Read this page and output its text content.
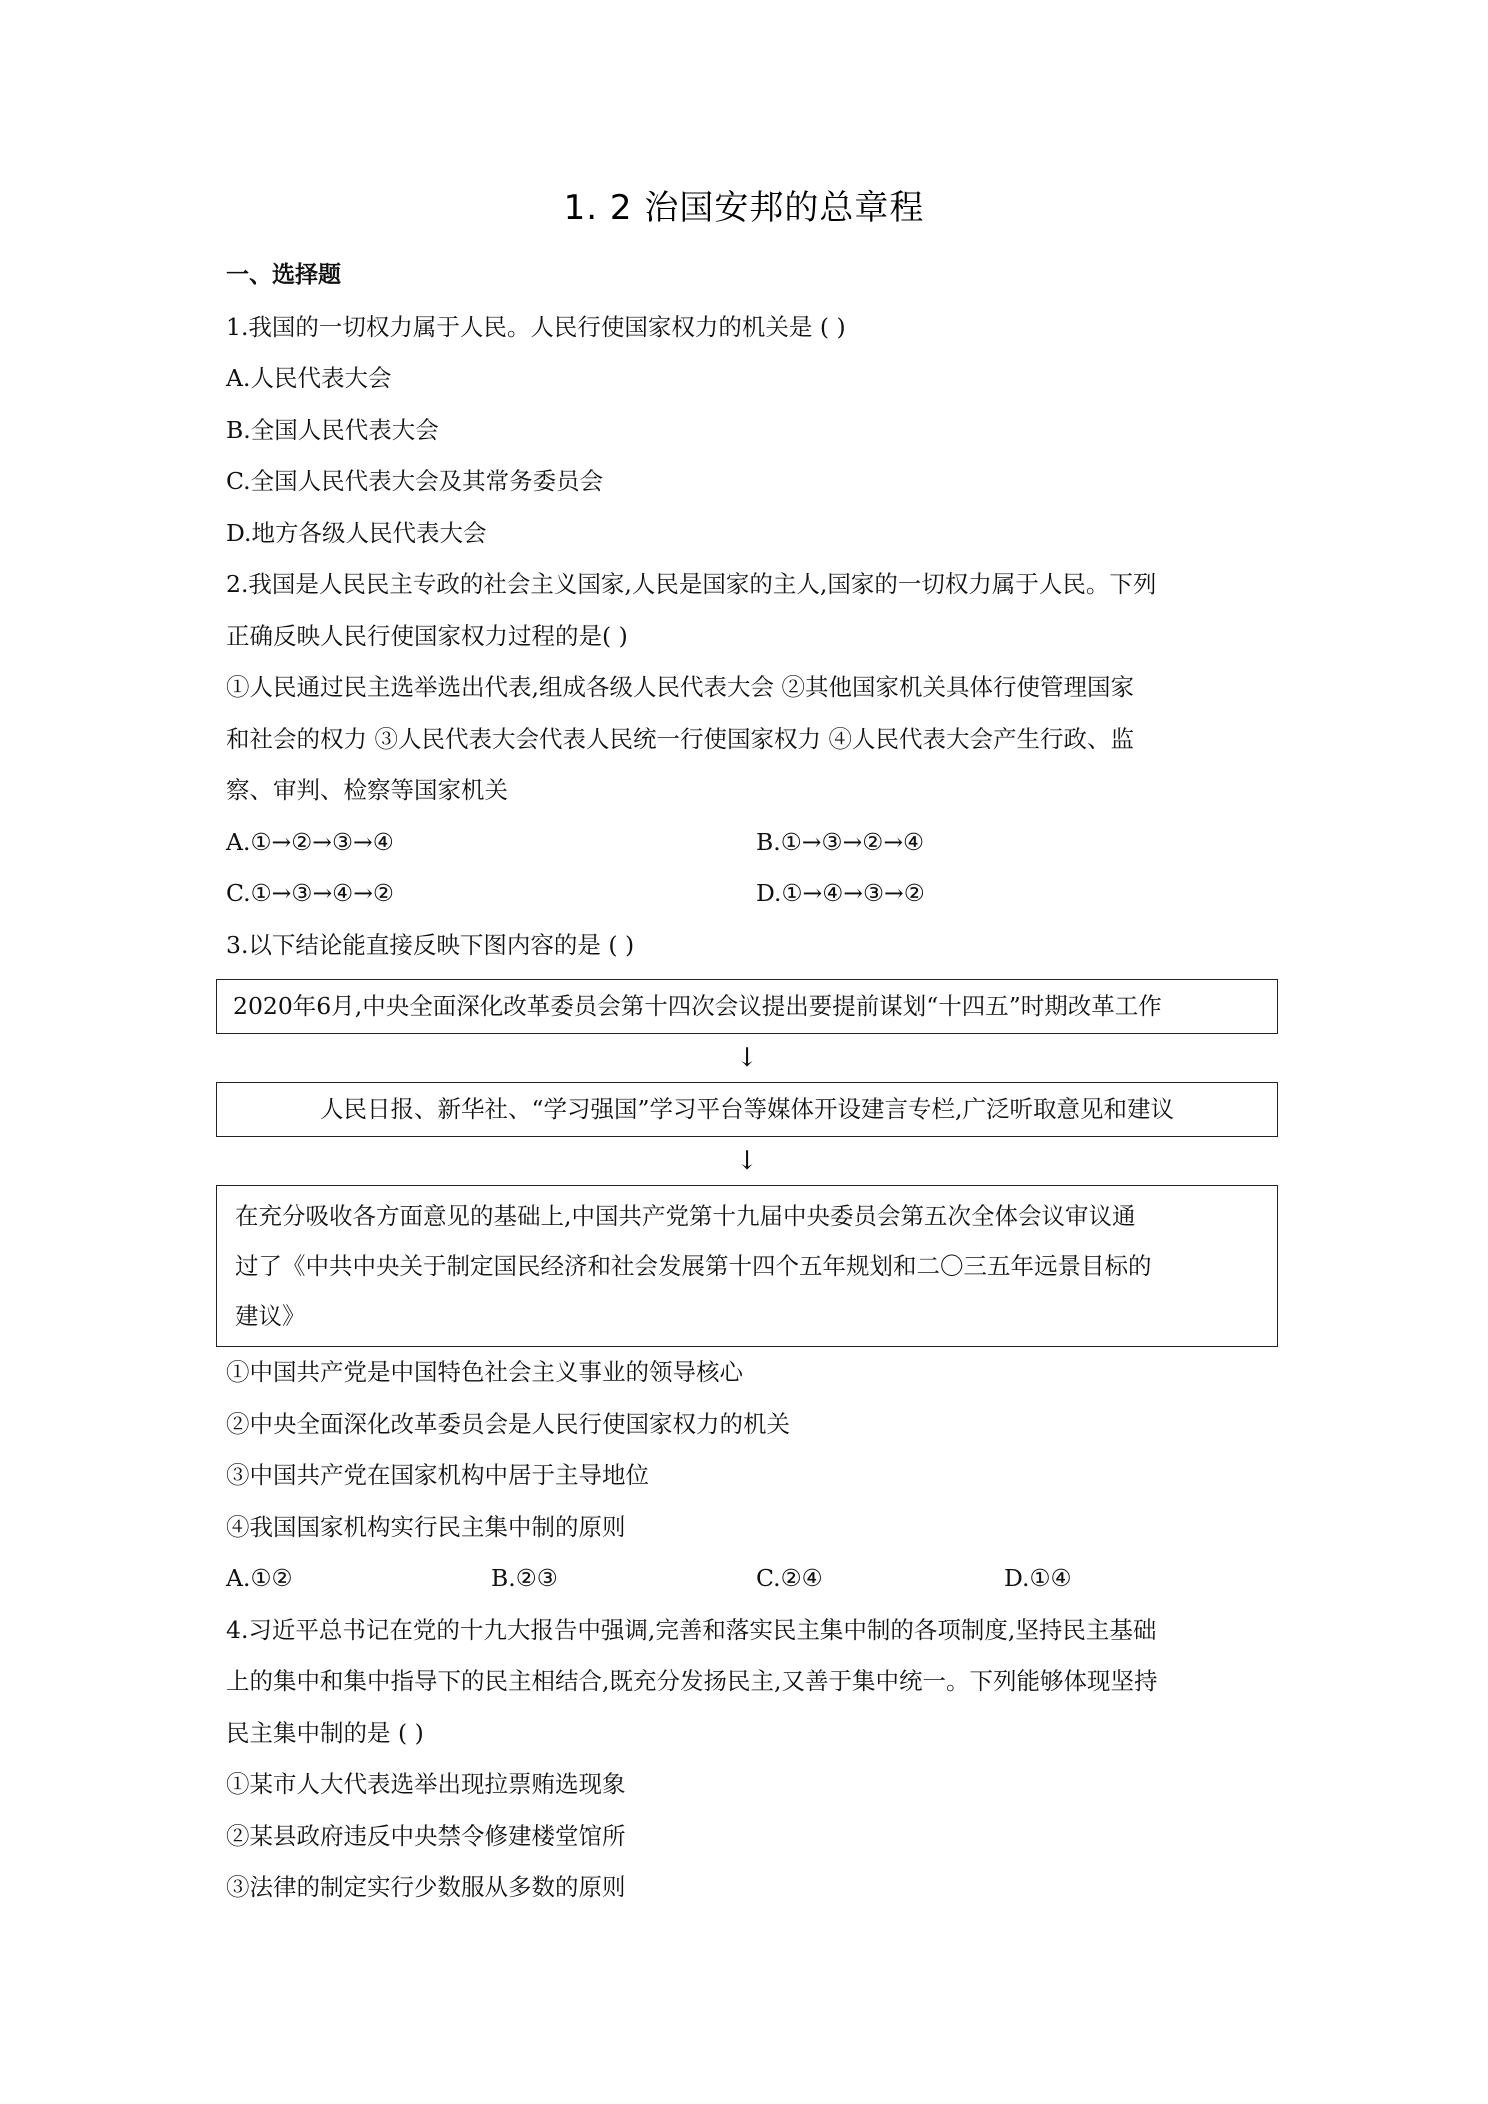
1. 2 治国安邦的总章程
一、选择题
1.我国的一切权力属于人民。人民行使国家权力的机关是 ( )
A.人民代表大会
B.全国人民代表大会
C.全国人民代表大会及其常务委员会
D.地方各级人民代表大会
2.我国是人民民主专政的社会主义国家,人民是国家的主人,国家的一切权力属于人民。下列
正确反映人民行使国家权力过程的是( )
①人民通过民主选举选出代表,组成各级人民代表大会 ②其他国家机关具体行使管理国家
和社会的权力 ③人民代表大会代表人民统一行使国家权力 ④人民代表大会产生行政、监
察、审判、检察等国家机关
A.①→②→③→④	B.①→③→②→④
C.①→③→④→②	D.①→④→③→②
3.以下结论能直接反映下图内容的是 ( )
2020年6月,中央全面深化改革委员会第十四次会议提出要提前谋划“十四五”时期改革工作
↓
人民日报、新华社、“学习强国”学习平台等媒体开设建言专栏,广泛听取意见和建议
↓
在充分吸收各方面意见的基础上,中国共产党第十九届中央委员会第五次全体会议审议通
过了《中共中央关于制定国民经济和社会发展第十四个五年规划和二〇三五年远景目标的
建议》
①中国共产党是中国特色社会主义事业的领导核心
②中央全面深化改革委员会是人民行使国家权力的机关
③中国共产党在国家机构中居于主导地位
④我国国家机构实行民主集中制的原则
A.①②	B.②③	C.②④	D.①④
4.习近平总书记在党的十九大报告中强调,完善和落实民主集中制的各项制度,坚持民主基础
上的集中和集中指导下的民主相结合,既充分发扬民主,又善于集中统一。下列能够体现坚持
民主集中制的是 ( )
①某市人大代表选举出现拉票贿选现象
②某县政府违反中央禁令修建楼堂馆所
③法律的制定实行少数服从多数的原则
